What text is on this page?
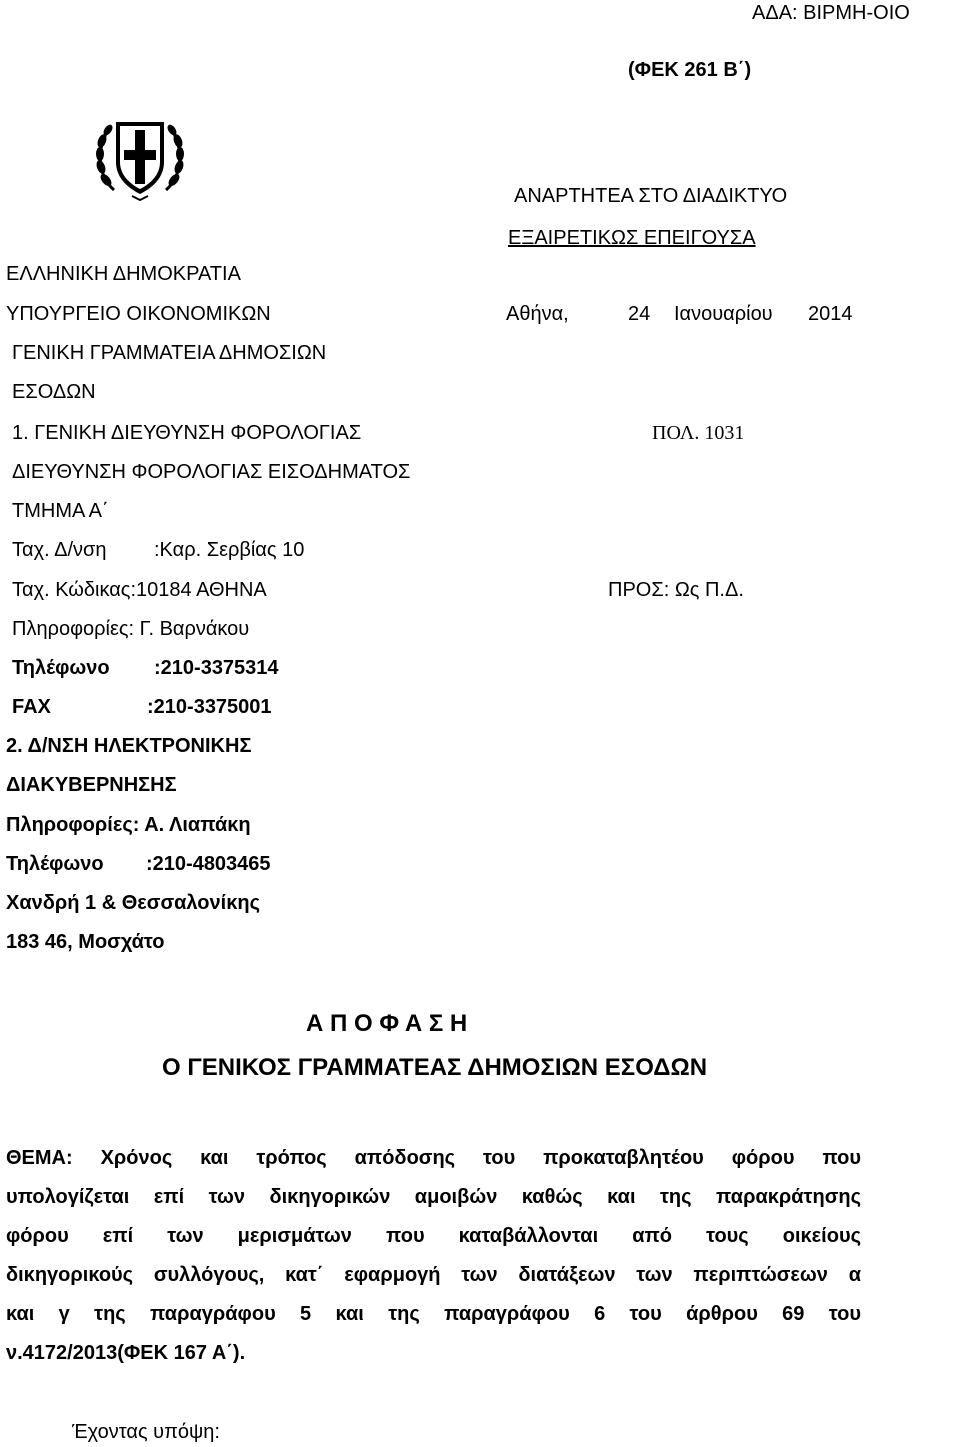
ΑΔΑ: ΒΙΡΜΗ-ΟΙΟ
(ΦΕΚ 261 Β΄)
ΑΝΑΡΤΗΤΕΑ ΣΤΟ ΔΙΑΔΙΚΤΥΟ
ΕΞΑΙΡΕΤΙΚΩΣ ΕΠΕΙΓΟΥΣΑ
ΕΛΛΗΝΙΚΗ ΔΗΜΟΚΡΑΤΙΑ
ΥΠΟΥΡΓΕΙΟ ΟΙΚΟΝΟΜΙΚΩΝ
ΓΕΝΙΚΗ ΓΡΑΜΜΑΤΕΙΑ ΔΗΜΟΣΙΩΝ
ΕΣΟΔΩΝ
1. ΓΕΝΙΚΗ ΔΙΕΥΘΥΝΣΗ ΦΟΡΟΛΟΓΙΑΣ
ΔΙΕΥΘΥΝΣΗ ΦΟΡΟΛΟΓΙΑΣ ΕΙΣΟΔΗΜΑΤΟΣ
ΤΜΗΜΑ Α΄
Ταχ. Δ/νση :Καρ. Σερβίας 10
Ταχ. Κώδικας:10184 ΑΘΗΝΑ
Πληροφορίες: Γ. Βαρνάκου
Τηλέφωνο :210-3375314
FAX	:210-3375001
2. Δ/ΝΣΗ ΗΛΕΚΤΡΟΝΙΚΗΣ
ΔΙΑΚΥΒΕΡΝΗΣΗΣ
Πληροφορίες: Α. Λιαπάκη
Τηλέφωνο :210-4803465
Χανδρή 1 & Θεσσαλονίκης
183 46, Μοσχάτο
Αθήνα,	24 Ιανουαρίου 2014
ΠΟΛ. 1031
ΠΡΟΣ: Ως Π.Δ.
Α Π Ο Φ Α Σ Η
Ο ΓΕΝΙΚΟΣ ΓΡΑΜΜΑΤΕΑΣ ΔΗΜΟΣΙΩΝ ΕΣΟΔΩΝ
ΘΕΜΑ: Χρόνος και τρόπος απόδοσης του προκαταβλητέου φόρου που
υπολογίζεται επί των δικηγορικών αμοιβών καθώς και της παρακράτησης
φόρου επί των μερισμάτων που καταβάλλονται από τους οικείους
δικηγορικούς συλλόγους, κατ΄ εφαρμογή των διατάξεων των περιπτώσεων α
και γ της παραγράφου 5 και της παραγράφου 6 του άρθρου 69 του
ν.4172/2013(ΦΕΚ 167 Α΄).
Έχοντας υπόψη:
